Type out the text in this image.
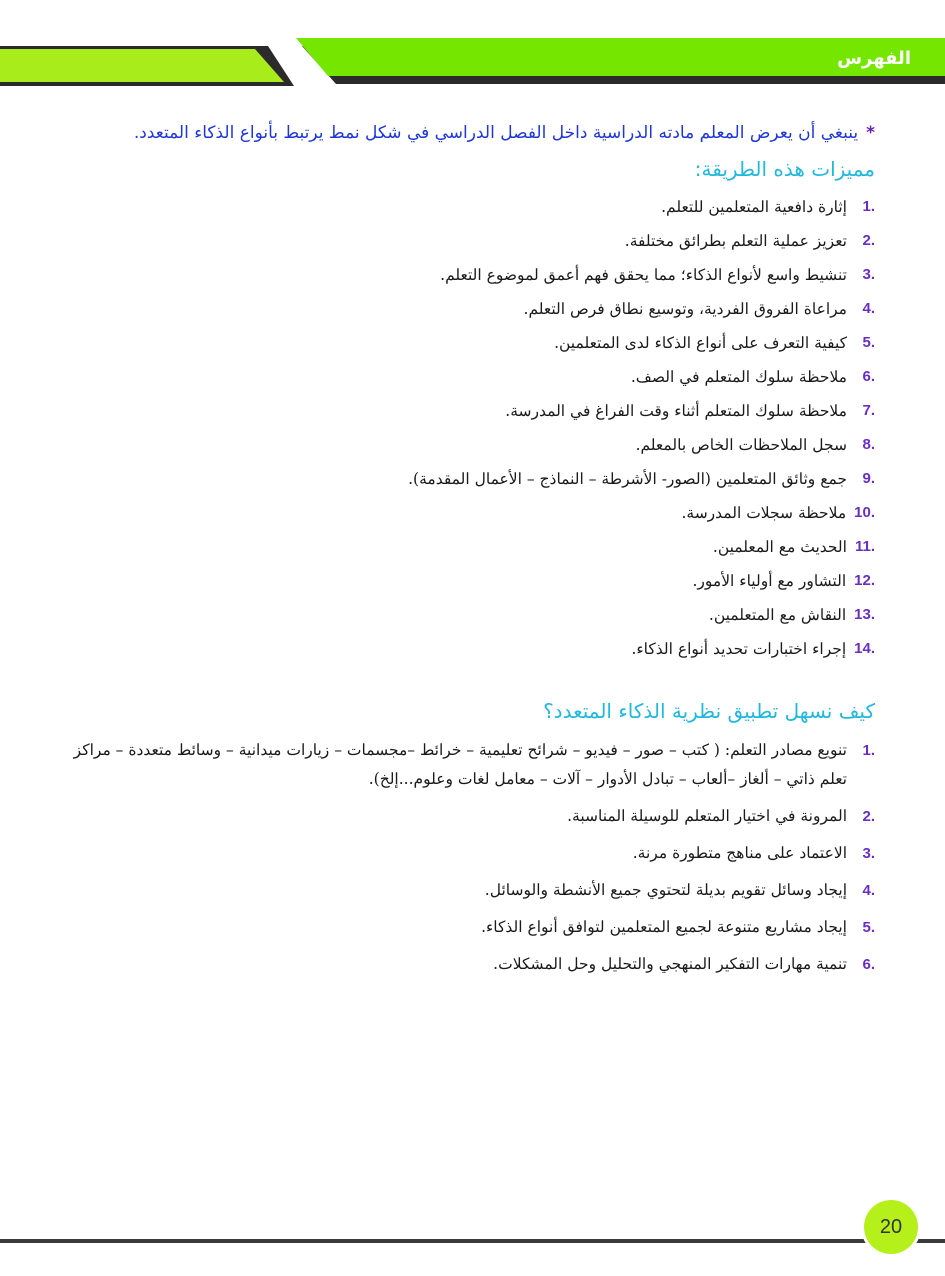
الفهرس

*ينبغي أن يعرض المعلم مادته الدراسية داخل الفصل الدراسي في شكل نمط يرتبط بأنواع الذكاء المتعدد.

مميزات هذه الطريقة:
1.
إثارة دافعية المتعلمين للتعلم.
2.
تعزيز عملية التعلم بطرائق مختلفة.
3.
تنشيط واسع لأنواع الذكاء؛ مما يحقق فهم أعمق لموضوع التعلم.
4.
مراعاة الفروق الفردية، وتوسيع نطاق فرص التعلم.
5.
كيفية التعرف على أنواع الذكاء لدى المتعلمين.
6.
ملاحظة سلوك المتعلم في الصف.
7.
ملاحظة سلوك المتعلم أثناء وقت الفراغ في المدرسة.
8.
سجل الملاحظات الخاص بالمعلم.
9.
جمع وثائق المتعلمين (الصور- الأشرطة – النماذج – الأعمال المقدمة).
10.
ملاحظة سجلات المدرسة.
11.
الحديث مع المعلمين.
12.
التشاور مع أولياء الأمور.
13.
النقاش مع المتعلمين.
14.
إجراء اختبارات تحديد أنواع الذكاء.
كيف نسهل تطبيق نظرية الذكاء المتعدد؟
1.
تنويع مصادر التعلم: ( كتب – صور – فيديو – شرائح تعليمية – خرائط –مجسمات – زيارات ميدانية – وسائط متعددة – مراكز تعلم ذاتي – ألغاز –ألعاب – تبادل الأدوار – آلات – معامل لغات وعلوم...إلخ).
2.
المرونة في اختيار المتعلم للوسيلة المناسبة.
3.
الاعتماد على مناهج متطورة مرنة.
4.
إيجاد وسائل تقويم بديلة لتحتوي جميع الأنشطة والوسائل.
5.
إيجاد مشاريع متنوعة لجميع المتعلمين لتوافق أنواع الذكاء.
6.
تنمية مهارات التفكير المنهجي والتحليل وحل المشكلات.
20
